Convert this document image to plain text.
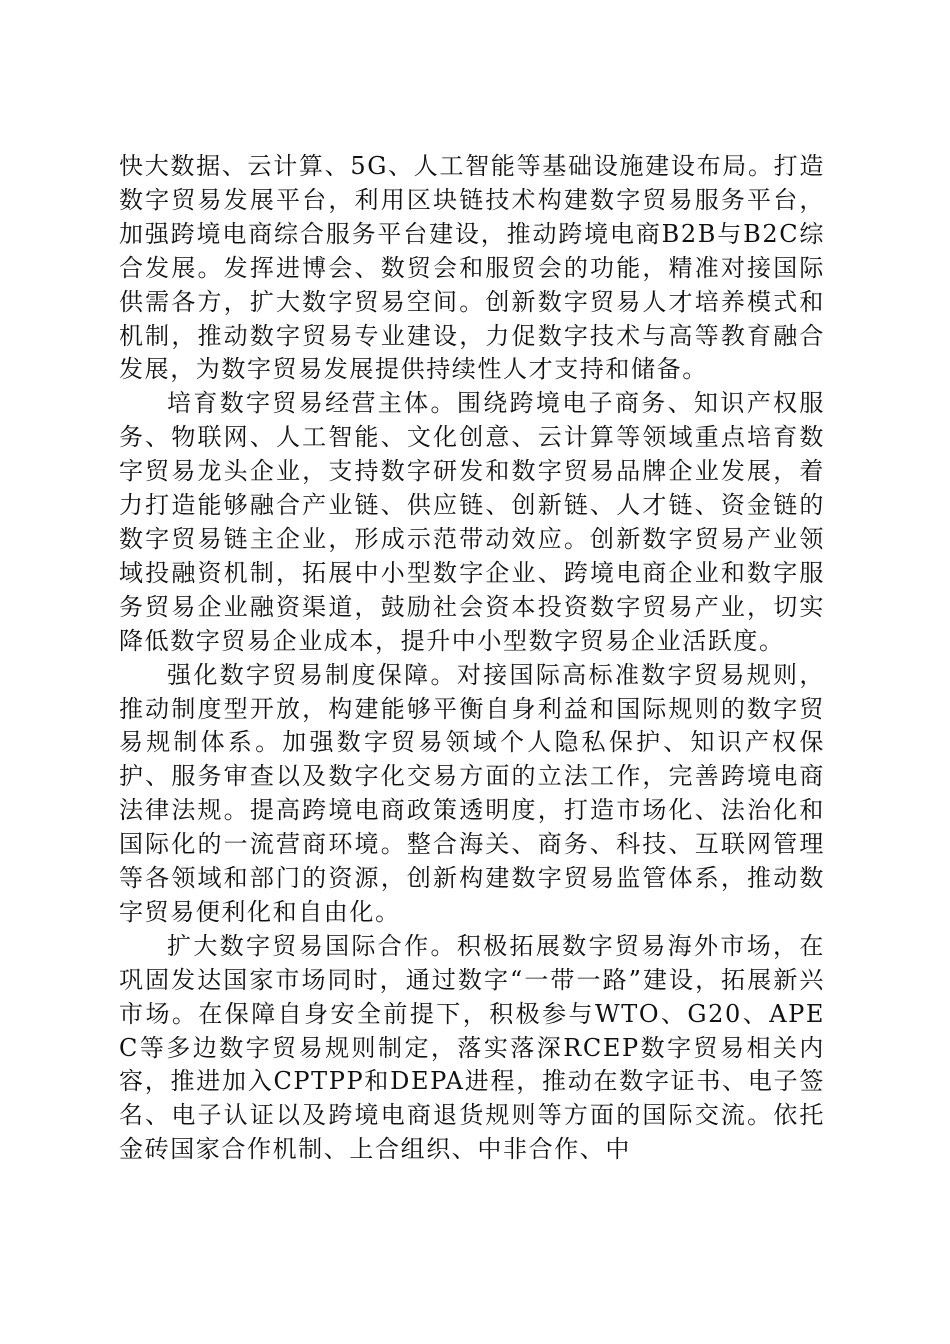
快大数据、云计算、5G、人工智能等基础设施建设布局。打造数字贸易发展平台，利用区块链技术构建数字贸易服务平台，加强跨境电商综合服务平台建设，推动跨境电商B2B与B2C综合发展。发挥进博会、数贸会和服贸会的功能，精准对接国际供需各方，扩大数字贸易空间。创新数字贸易人才培养模式和机制，推动数字贸易专业建设，力促数字技术与高等教育融合发展，为数字贸易发展提供持续性人才支持和储备。

培育数字贸易经营主体。围绕跨境电子商务、知识产权服务、物联网、人工智能、文化创意、云计算等领域重点培育数字贸易龙头企业，支持数字研发和数字贸易品牌企业发展，着力打造能够融合产业链、供应链、创新链、人才链、资金链的数字贸易链主企业，形成示范带动效应。创新数字贸易产业领域投融资机制，拓展中小型数字企业、跨境电商企业和数字服务贸易企业融资渠道，鼓励社会资本投资数字贸易产业，切实降低数字贸易企业成本，提升中小型数字贸易企业活跃度。

强化数字贸易制度保障。对接国际高标准数字贸易规则，推动制度型开放，构建能够平衡自身利益和国际规则的数字贸易规制体系。加强数字贸易领域个人隐私保护、知识产权保护、服务审查以及数字化交易方面的立法工作，完善跨境电商法律法规。提高跨境电商政策透明度，打造市场化、法治化和国际化的一流营商环境。整合海关、商务、科技、互联网管理等各领域和部门的资源，创新构建数字贸易监管体系，推动数字贸易便利化和自由化。

扩大数字贸易国际合作。积极拓展数字贸易海外市场，在巩固发达国家市场同时，通过数字“一带一路”建设，拓展新兴市场。在保障自身安全前提下，积极参与WTO、G20、APEC等多边数字贸易规则制定，落实落深RCEP数字贸易相关内容，推进加入CPTPP和DEPA进程，推动在数字证书、电子签名、电子认证以及跨境电商退货规则等方面的国际交流。依托金砖国家合作机制、上合组织、中非合作、中
